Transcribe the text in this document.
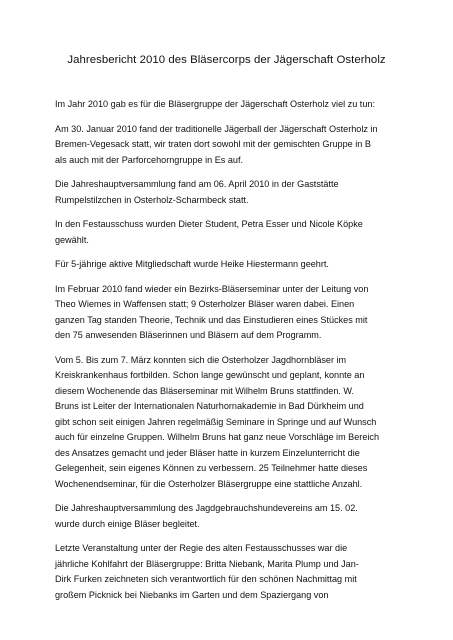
Jahresbericht 2010 des Bläsercorps der Jägerschaft Osterholz
Im Jahr 2010 gab es für die Bläsergruppe der Jägerschaft Osterholz viel zu tun:
Am 30. Januar 2010 fand der traditionelle Jägerball der Jägerschaft Osterholz in
Bremen-Vegesack statt, wir traten dort sowohl mit der gemischten Gruppe in B
als auch mit der Parforcehorngruppe in Es auf.
Die Jahreshauptversammlung fand am 06. April 2010 in der Gaststätte
Rumpelstilzchen in Osterholz-Scharmbeck statt.
In den Festausschuss wurden Dieter Student, Petra Esser und Nicole Köpke
gewählt.
Für 5-jährige aktive Mitgliedschaft wurde Heike Hiestermann geehrt.
Im Februar 2010 fand wieder ein Bezirks-Bläserseminar unter der Leitung von
Theo Wiemes in Waffensen statt; 9 Osterholzer Bläser waren dabei. Einen
ganzen Tag standen Theorie, Technik und das Einstudieren eines Stückes mit
den 75 anwesenden Bläserinnen und Bläsern auf dem Programm.
Vom 5. Bis zum 7. März konnten sich die Osterholzer Jagdhornbläser im
Kreiskrankenhaus fortbilden. Schon lange gewünscht und geplant, konnte an
diesem Wochenende das Bläserseminar mit Wilhelm Bruns stattfinden. W.
Bruns ist Leiter der Internationalen Naturhornakademie in Bad Dürkheim und
gibt schon seit einigen Jahren regelmäßig Seminare in Springe und auf Wunsch
auch für einzelne Gruppen. Wilhelm Bruns hat ganz neue Vorschläge im Bereich
des Ansatzes gemacht und jeder Bläser hatte in kurzem Einzelunterricht die
Gelegenheit, sein eigenes Können zu verbessern. 25 Teilnehmer hatte dieses
Wochenendseminar, für die Osterholzer Bläsergruppe eine stattliche Anzahl.
Die Jahreshauptversammlung des Jagdgebrauchshundevereins am 15. 02.
wurde durch einige Bläser begleitet.
Letzte Veranstaltung unter der Regie des alten Festausschusses war die
jährliche Kohlfahrt der Bläsergruppe: Britta Niebank, Marita Plump und Jan-
Dirk Furken zeichneten sich verantwortlich für den schönen Nachmittag mit
großem Picknick bei Niebanks im Garten und dem Spaziergang von
